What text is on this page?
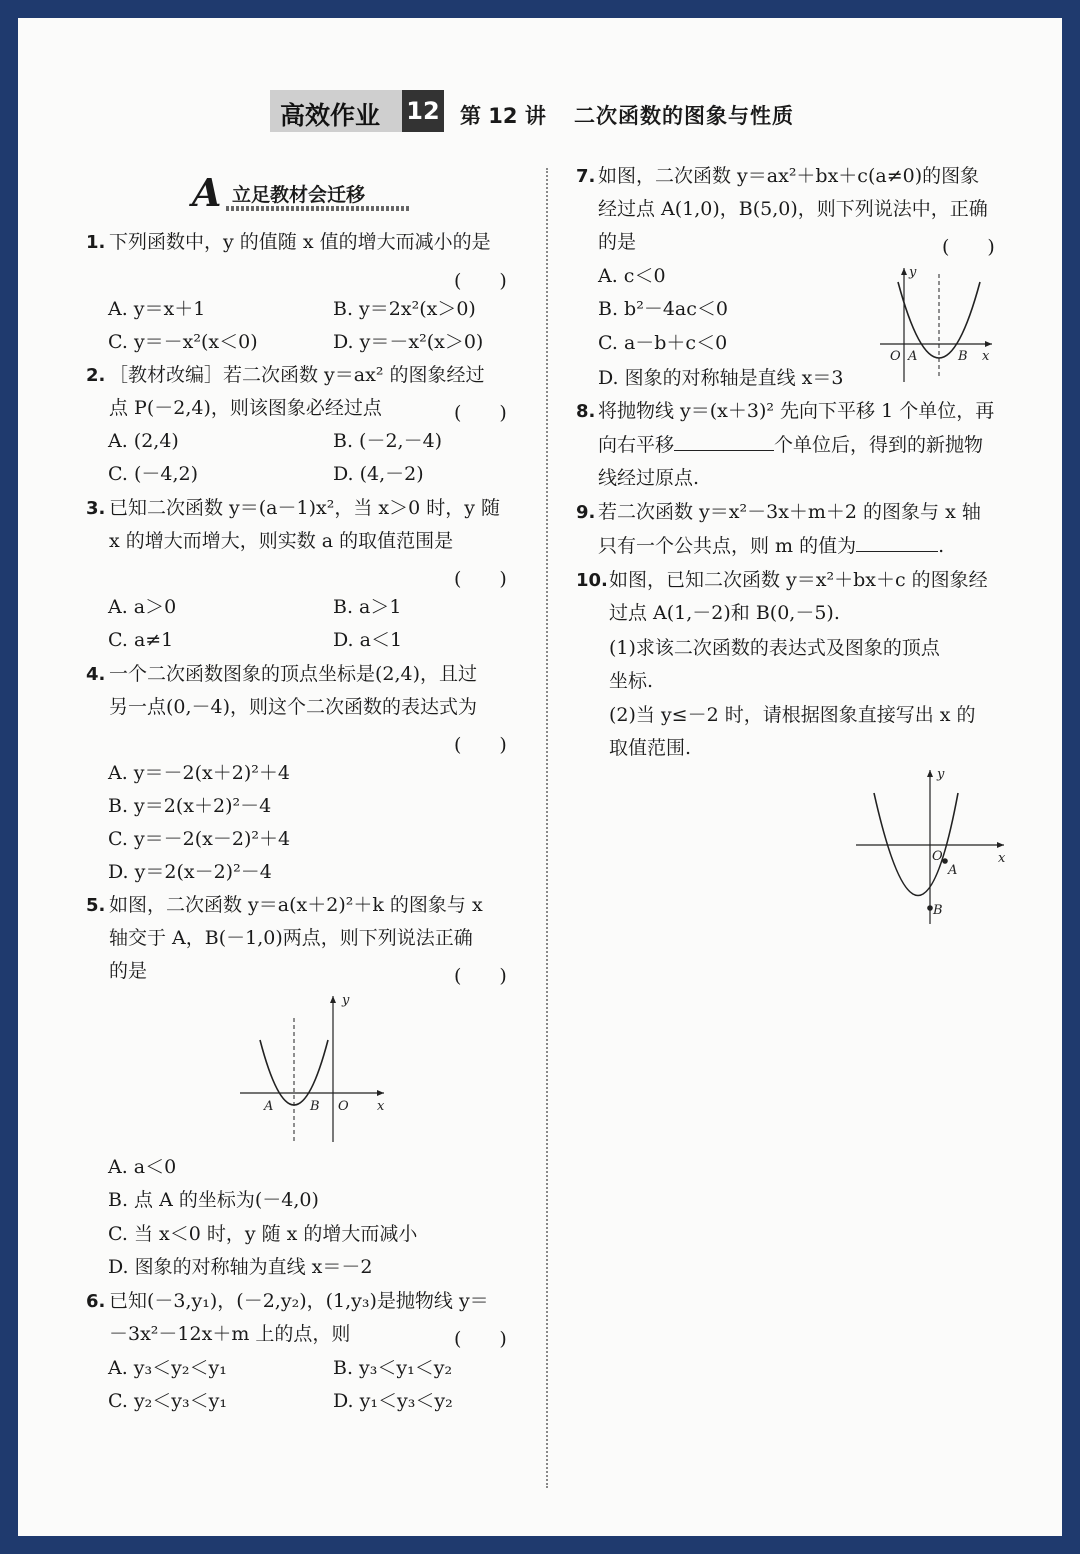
高效作业 12 第 12 讲 二次函数的图象与性质
A 立足教材会迁移
1. 下列函数中，y 的值随 x 值的增大而减小的是
(　　)
A. y＝x＋1	B. y＝2x²(x＞0)
C. y＝－x²(x＜0)	D. y＝－x²(x＞0)
2. ［教材改编］若二次函数 y＝ax² 的图象经过
点 P(－2,4)，则该图象必经过点	(　　)
A. (2,4)	B. (－2,－4)
C. (－4,2)	D. (4,－2)
3. 已知二次函数 y＝(a－1)x²，当 x＞0 时，y 随
x 的增大而增大，则实数 a 的取值范围是
(　　)
A. a＞0	B. a＞1
C. a≠1	D. a＜1
4. 一个二次函数图象的顶点坐标是(2,4)，且过
另一点(0,－4)，则这个二次函数的表达式为
(　　)
A. y＝－2(x＋2)²＋4
B. y＝2(x＋2)²－4
C. y＝－2(x－2)²＋4
D. y＝2(x－2)²－4
5. 如图，二次函数 y＝a(x＋2)²＋k 的图象与 x
轴交于 A，B(－1,0)两点，则下列说法正确
的是	(　　)
y
x
A	B O
A. a＜0
B. 点 A 的坐标为(－4,0)
C. 当 x＜0 时，y 随 x 的增大而减小
D. 图象的对称轴为直线 x＝－2
6. 已知(－3,y₁)，(－2,y₂)，(1,y₃)是抛物线 y＝
－3x²－12x＋m 上的点，则	(　　)
A. y₃＜y₂＜y₁	B. y₃＜y₁＜y₂
C. y₂＜y₃＜y₁	D. y₁＜y₃＜y₂
7. 如图，二次函数 y＝ax²＋bx＋c(a≠0)的图象
经过点 A(1,0)，B(5,0)，则下列说法中，正确
的是	(　　)
A. c＜0
B. b²－4ac＜0
C. a－b＋c＜0
D. 图象的对称轴是直线 x＝3
y
x
O A	B
8. 将抛物线 y＝(x＋3)² 先向下平移 1 个单位，再
向右平移	个单位后，得到的新抛物
线经过原点.
9. 若二次函数 y＝x²－3x＋m＋2 的图象与 x 轴
只有一个公共点，则 m 的值为	.
10. 如图，已知二次函数 y＝x²＋bx＋c 的图象经
过点 A(1,－2)和 B(0,－5).
(1)求该二次函数的表达式及图象的顶点
坐标.
(2)当 y≤－2 时，请根据图象直接写出 x 的
取值范围.
y
x
O
A
B
